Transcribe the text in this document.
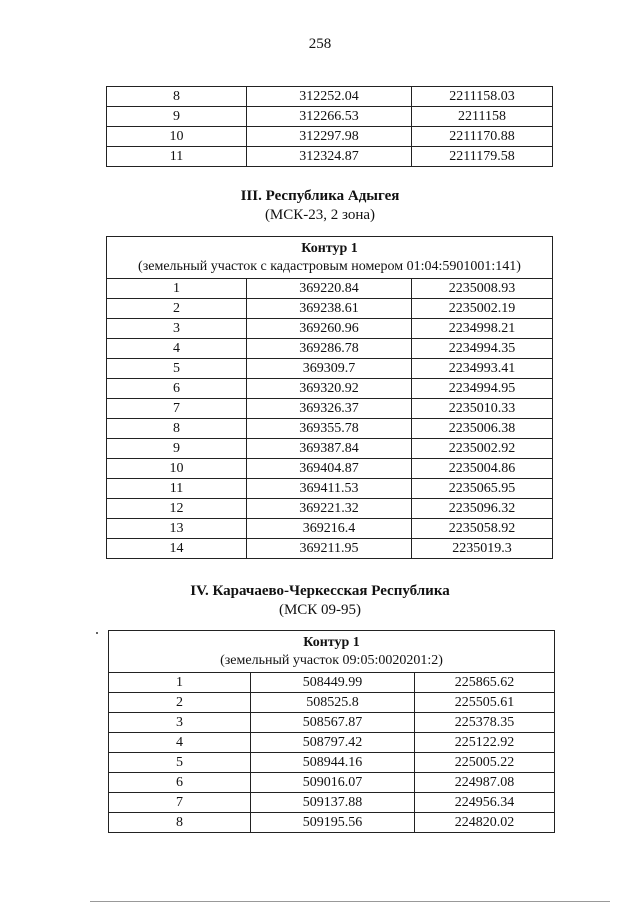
258
8	312252.04	2211158.03
9	312266.53	2211158
10	312297.98	2211170.88
11	312324.87	2211179.58
III. Республика Адыгея
(МСК-23, 2 зона)
Контур 1
(земельный участок с кадастровым номером 01:04:5901001:141)		

1	369220.84	2235008.93
2	369238.61	2235002.19
3	369260.96	2234998.21
4	369286.78	2234994.35
5	369309.7	2234993.41
6	369320.92	2234994.95
7	369326.37	2235010.33
8	369355.78	2235006.38
9	369387.84	2235002.92
10	369404.87	2235004.86
11	369411.53	2235065.95
12	369221.32	2235096.32
13	369216.4	2235058.92
14	369211.95	2235019.3
IV. Карачаево-Черкесская Республика
(МСК 09-95)
Контур 1
(земельный участок 09:05:0020201:2)		

1	508449.99	225865.62
2	508525.8	225505.61
3	508567.87	225378.35
4	508797.42	225122.92
5	508944.16	225005.22
6	509016.07	224987.08
7	509137.88	224956.34
8	509195.56	224820.02
